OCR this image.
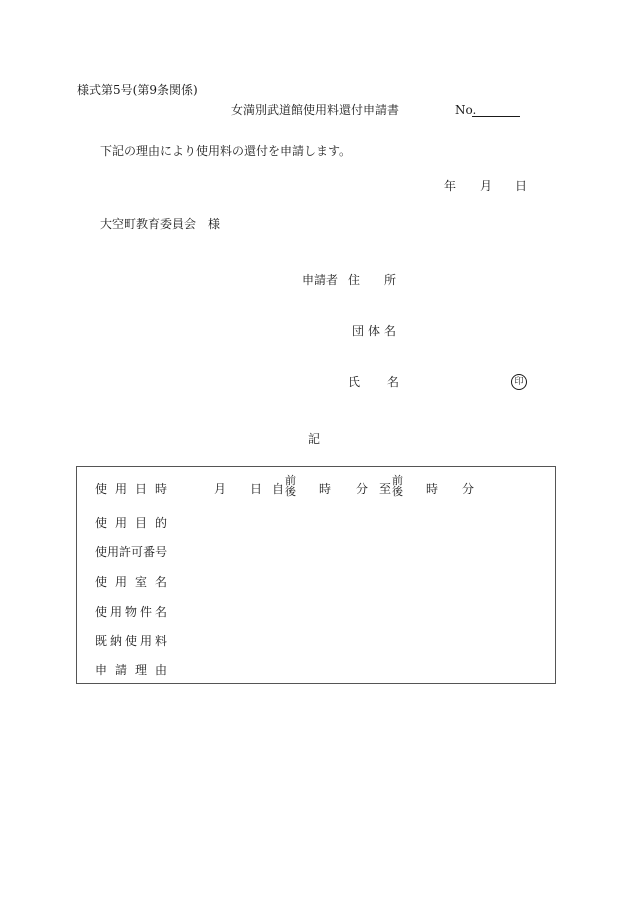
様式第5号(第9条関係)
女満別武道館使用料還付申請書	No.
下記の理由により使用料の還付を申請します。
年 月 日
大空町教育委員会　様
申請者 住所
団体名
氏名	印
記
使 用 日 時
使 用 目 的
使 用 許 可 番 号
使 用 室 名
使 用 物 件 名
既 納 使 用 料
申 請 理 由
月 日 自
前
後 時 分 至
前
後 時 分
